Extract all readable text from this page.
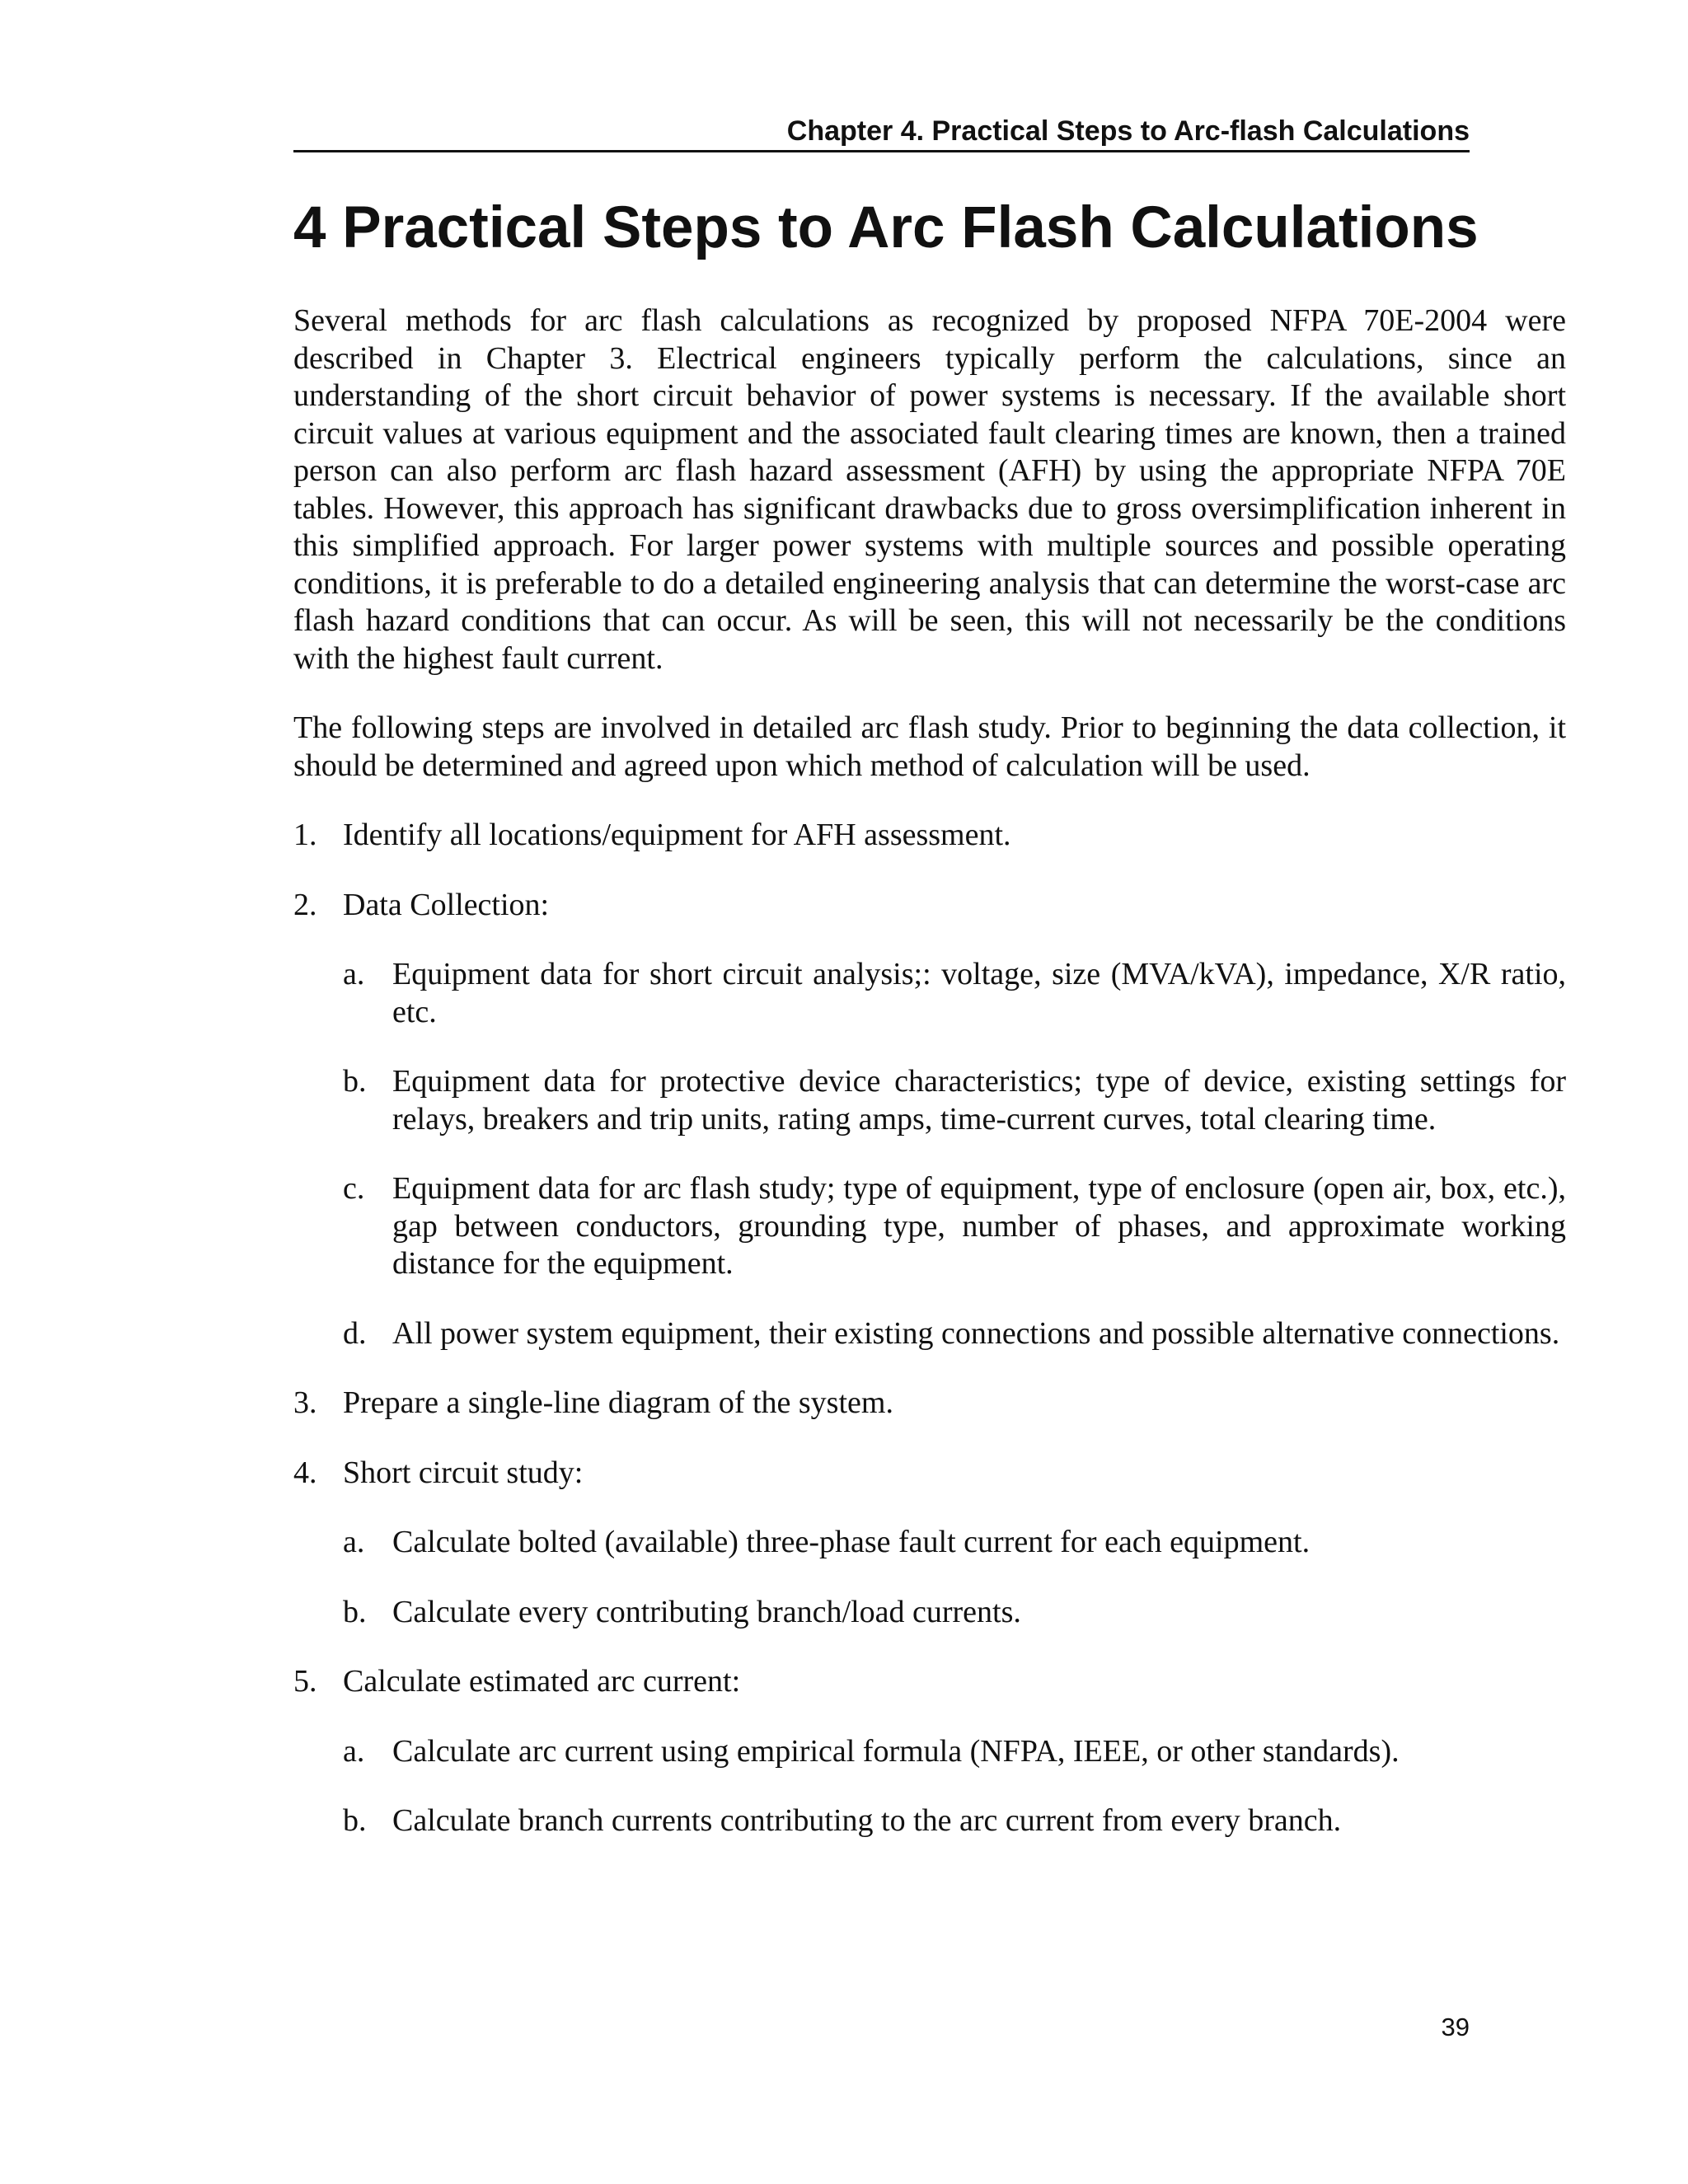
Chapter 4. Practical Steps to Arc-flash Calculations
4 Practical Steps to Arc Flash Calculations

Several methods for arc flash calculations as recognized by proposed NFPA 70E-2004 were described in Chapter 3. Electrical engineers typically perform the calculations, since an understanding of the short circuit behavior of power systems is necessary. If the available short circuit values at various equipment and the associated fault clearing times are known, then a trained person can also perform arc flash hazard assessment (AFH) by using the appropriate NFPA 70E tables. However, this approach has significant drawbacks due to gross oversimplification inherent in this simplified approach. For larger power systems with multiple sources and possible operating conditions, it is preferable to do a detailed engineering analysis that can determine the worst-case arc flash hazard conditions that can occur. As will be seen, this will not necessarily be the conditions with the highest fault current.

The following steps are involved in detailed arc flash study. Prior to beginning the data collection, it should be determined and agreed upon which method of calculation will be used.

1. Identify all locations/equipment for AFH assessment.
2. Data Collection:
a. Equipment data for short circuit analysis;: voltage, size (MVA/kVA), impedance, X/R ratio, etc.
b. Equipment data for protective device characteristics; type of device, existing settings for relays, breakers and trip units, rating amps, time-current curves, total clearing time.
c. Equipment data for arc flash study; type of equipment, type of enclosure (open air, box, etc.), gap between conductors, grounding type, number of phases, and approximate working distance for the equipment.
d. All power system equipment, their existing connections and possible alternative connections.
3. Prepare a single-line diagram of the system.
4. Short circuit study:
a. Calculate bolted (available) three-phase fault current for each equipment.
b. Calculate every contributing branch/load currents.
5. Calculate estimated arc current:
a. Calculate arc current using empirical formula (NFPA, IEEE, or other standards).
b. Calculate branch currents contributing to the arc current from every branch.
39
